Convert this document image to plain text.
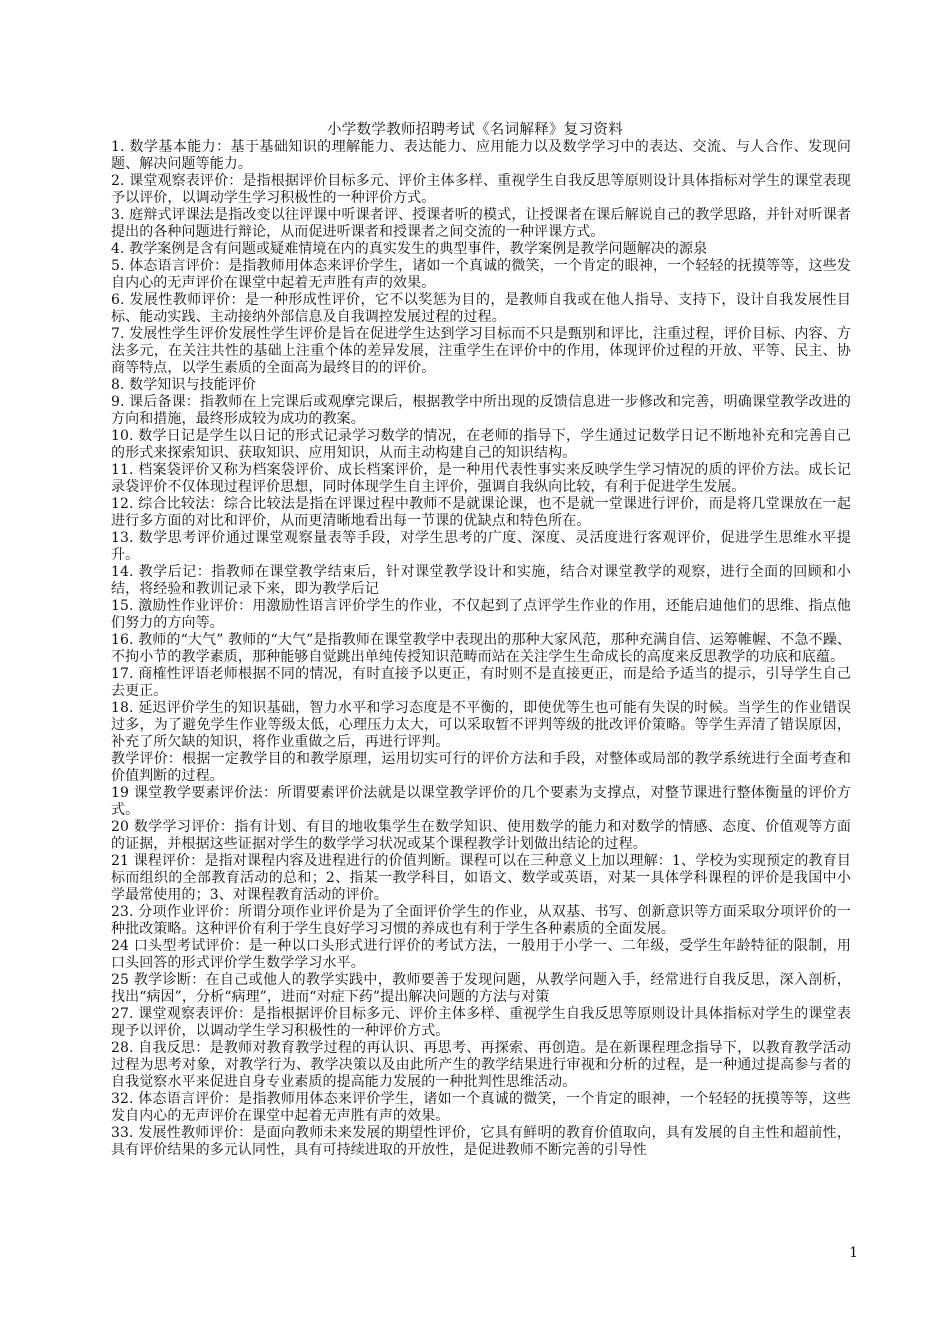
小学数学教师招聘考试《名词解释》复习资料

1. 数学基本能力：基于基础知识的理解能力、表达能力、应用能力以及数学学习中的表达、交流、与人合作、发现问题、解决问题等能力。

2. 课堂观察表评价：是指根据评价目标多元、评价主体多样、重视学生自我反思等原则设计具体指标对学生的课堂表现予以评价，以调动学生学习积极性的一种评价方式。

3. 庭辩式评课法是指改变以往评课中听课者评、授课者听的模式，让授课者在课后解说自己的教学思路，并针对听课者提出的各种问题进行辩论，从而促进听课者和授课者之间交流的一种评课方式。

4. 教学案例是含有问题或疑难情境在内的真实发生的典型事件，教学案例是教学问题解决的源泉

5. 体态语言评价：是指教师用体态来评价学生，诸如一个真诚的微笑，一个肯定的眼神，一个轻轻的抚摸等等，这些发自内心的无声评价在课堂中起着无声胜有声的效果。

6. 发展性教师评价：是一种形成性评价，它不以奖惩为目的，是教师自我或在他人指导、支持下，设计自我发展性目标、能动实践、主动接纳外部信息及自我调控发展过程的过程。

7. 发展性学生评价发展性学生评价是旨在促进学生达到学习目标而不只是甄别和评比，注重过程，评价目标、内容、方法多元，在关注共性的基础上注重个体的差异发展，注重学生在评价中的作用，体现评价过程的开放、平等、民主、协商等特点，以学生素质的全面高为最终目的的评价。

8. 数学知识与技能评价

9. 课后备课：指教师在上完课后或观摩完课后，根据教学中所出现的反馈信息进一步修改和完善，明确课堂教学改进的方向和措施，最终形成较为成功的教案。

10. 数学日记是学生以日记的形式记录学习数学的情况，在老师的指导下，学生通过记数学日记不断地补充和完善自己的形式来探索知识、获取知识、应用知识，从而主动构建自己的知识结构。

11. 档案袋评价又称为档案袋评价、成长档案评价，是一种用代表性事实来反映学生学习情况的质的评价方法。成长记录袋评价不仅体现过程评价思想，同时体现学生自主评价，强调自我纵向比较，有利于促进学生发展。

12. 综合比较法：综合比较法是指在评课过程中教师不是就课论课，也不是就一堂课进行评价，而是将几堂课放在一起进行多方面的对比和评价，从而更清晰地看出每一节课的优缺点和特色所在。

13. 数学思考评价通过课堂观察量表等手段，对学生思考的广度、深度、灵活度进行客观评价，促进学生思维水平提升。

14. 教学后记：指教师在课堂教学结束后，针对课堂教学设计和实施，结合对课堂教学的观察，进行全面的回顾和小结，将经验和教训记录下来，即为教学后记

15. 激励性作业评价：用激励性语言评价学生的作业，不仅起到了点评学生作业的作用，还能启迪他们的思维、指点他们努力的方向等。

16. 教师的“大气” 教师的“大气”是指教师在课堂教学中表现出的那种大家风范，那种充满自信、运筹帷幄、不急不躁、不拘小节的教学素质，那种能够自觉跳出单纯传授知识范畴而站在关注学生生命成长的高度来反思教学的功底和底蕴。

17. 商榷性评语老师根据不同的情况，有时直接予以更正，有时则不是直接更正，而是给予适当的提示，引导学生自己去更正。

18. 延迟评价学生的知识基础，智力水平和学习态度是不平衡的，即使优等生也可能有失误的时候。当学生的作业错误过多，为了避免学生作业等级太低，心理压力太大，可以采取暂不评判等级的批改评价策略。等学生弄清了错误原因，补充了所欠缺的知识，将作业重做之后，再进行评判。

教学评价：根据一定教学目的和教学原理，运用切实可行的评价方法和手段，对整体或局部的教学系统进行全面考查和价值判断的过程。

19 课堂教学要素评价法：所谓要素评价法就是以课堂教学评价的几个要素为支撑点，对整节课进行整体衡量的评价方式。

20 数学学习评价：指有计划、有目的地收集学生在数学知识、使用数学的能力和对数学的情感、态度、价值观等方面的证据，并根据这些证据对学生的数学学习状况或某个课程教学计划做出结论的过程。

21 课程评价：是指对课程内容及进程进行的价值判断。课程可以在三种意义上加以理解：1、学校为实现预定的教育目标而组织的全部教育活动的总和；2、指某一教学科目，如语文、数学或英语，对某一具体学科课程的评价是我国中小学最常使用的；3、对课程教育活动的评价。

23. 分项作业评价：所谓分项作业评价是为了全面评价学生的作业，从双基、书写、创新意识等方面采取分项评价的一种批改策略。这种评价有利于学生良好学习习惯的养成也有利于学生各种素质的全面发展。

24 口头型考试评价：是一种以口头形式进行评价的考试方法，一般用于小学一、二年级，受学生年龄特征的限制，用口头回答的形式评价学生数学学习水平。

25 教学诊断：在自己或他人的教学实践中，教师要善于发现问题，从教学问题入手，经常进行自我反思，深入剖析，找出“病因”，分析“病理”，进而“对症下药”提出解决问题的方法与对策

27. 课堂观察表评价：是指根据评价目标多元、评价主体多样、重视学生自我反思等原则设计具体指标对学生的课堂表现予以评价，以调动学生学习积极性的一种评价方式。

28. 自我反思：是教师对教育教学过程的再认识、再思考、再探索、再创造。是在新课程理念指导下，以教育教学活动过程为思考对象，对教学行为、教学决策以及由此所产生的教学结果进行审视和分析的过程，是一种通过提高参与者的自我觉察水平来促进自身专业素质的提高能力发展的一种批判性思维活动。

32. 体态语言评价：是指教师用体态来评价学生，诸如一个真诚的微笑，一个肯定的眼神，一个轻轻的抚摸等等，这些发自内心的无声评价在课堂中起着无声胜有声的效果。

33. 发展性教师评价：是面向教师未来发展的期望性评价，它具有鲜明的教育价值取向，具有发展的自主性和超前性，具有评价结果的多元认同性，具有可持续进取的开放性，是促进教师不断完善的引导性

1
